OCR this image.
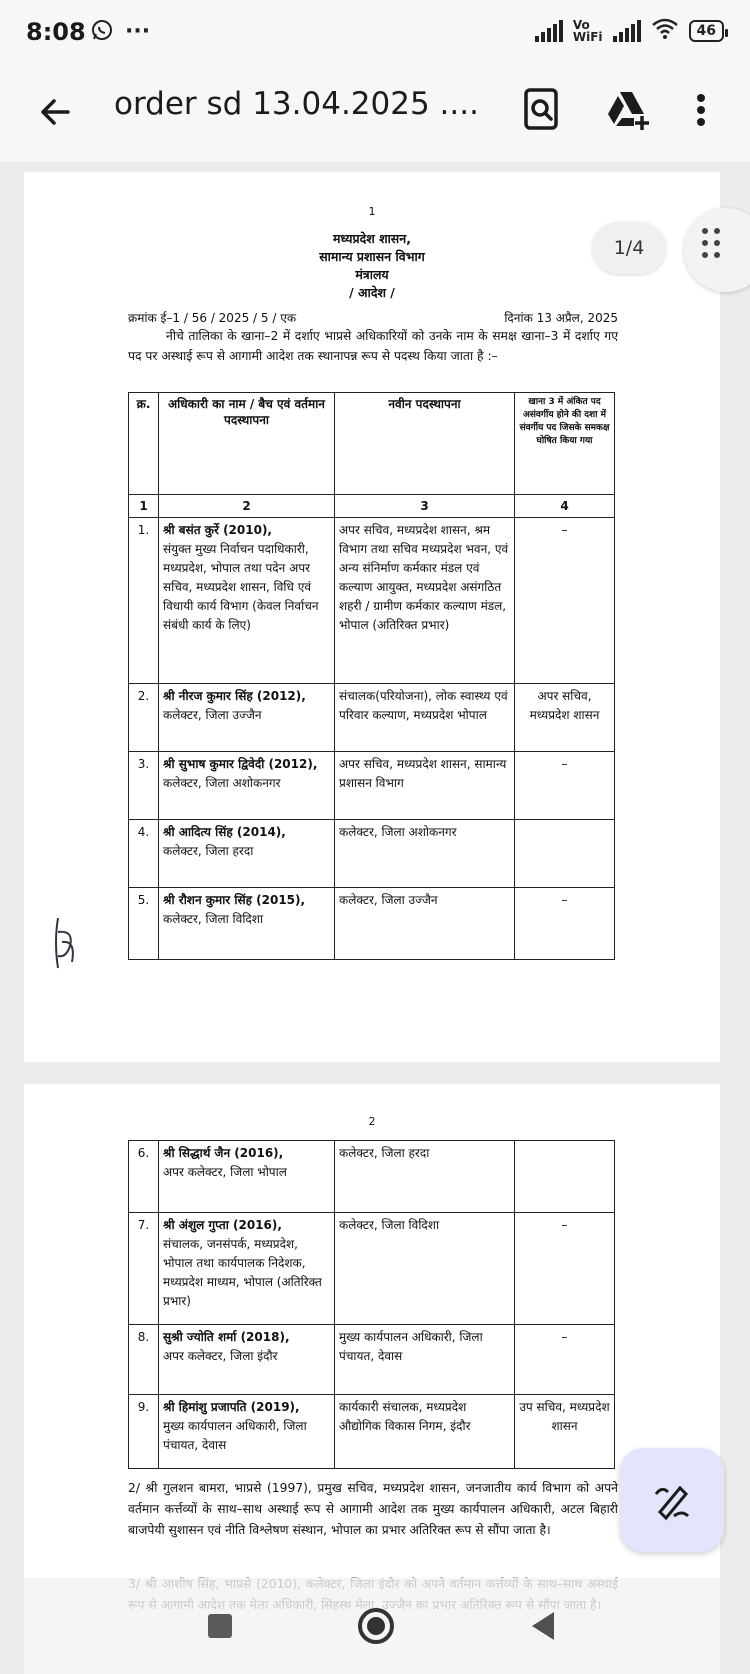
8:08	···	Vo
WiFi	46
order sd 13.04.2025 ....
1
मध्यप्रदेश शासन,
सामान्य प्रशासन विभाग
मंत्रालय
/ आदेश /
क्रमांक ई–1 / 56 / 2025 / 5 / एक	दिनांक 13 अप्रैल, 2025
नीचे तालिका के खाना–2 में दर्शाए भाप्रसे अधिकारियों को उनके नाम के समक्ष खाना–3 में दर्शाए गए पद पर अस्थाई रूप से आगामी आदेश तक स्थानापन्न रूप से पदस्थ किया जाता है :–
क्र.	अधिकारी का नाम / बैच एवं वर्तमान पदस्थापना	नवीन पदस्थापना	खाना 3 में अंकित पद असंवर्गीय होने की दशा में संवर्गीय पद जिसके समकक्ष घोषित किया गया
1	2	3	4
1.	श्री बसंत कुर्रे (2010),
संयुक्त मुख्य निर्वाचन पदाधिकारी, मध्यप्रदेश, भोपाल तथा पदेन अपर सचिव, मध्यप्रदेश शासन, विधि एवं विधायी कार्य विभाग (केवल निर्वाचन संबंधी कार्य के लिए)	अपर सचिव, मध्यप्रदेश शासन, श्रम विभाग तथा सचिव मध्यप्रदेश भवन, एवं अन्य संनिर्माण कर्मकार मंडल एवं कल्याण आयुक्त, मध्यप्रदेश असंगठित शहरी / ग्रामीण कर्मकार कल्याण मंडल, भोपाल (अतिरिक्त प्रभार)	–
2.	श्री नीरज कुमार सिंह (2012),
कलेक्टर, जिला उज्जैन	संचालक(परियोजना), लोक स्वास्थ्य एवं परिवार कल्याण, मध्यप्रदेश भोपाल	अपर सचिव, मध्यप्रदेश शासन
3.	श्री सुभाष कुमार द्विवेदी (2012),
कलेक्टर, जिला अशोकनगर	अपर सचिव, मध्यप्रदेश शासन, सामान्य प्रशासन विभाग	–
4.	श्री आदित्य सिंह (2014),
कलेक्टर, जिला हरदा	कलेक्टर, जिला अशोकनगर	
5.	श्री रौशन कुमार सिंह (2015),
कलेक्टर, जिला विदिशा	कलेक्टर, जिला उज्जैन	–
2
6.	श्री सिद्धार्थ जैन (2016),
अपर कलेक्टर, जिला भोपाल	कलेक्टर, जिला हरदा	
7.	श्री अंशुल गुप्ता (2016),
संचालक, जनसंपर्क, मध्यप्रदेश, भोपाल तथा कार्यपालक निदेशक, मध्यप्रदेश माध्यम, भोपाल (अतिरिक्त प्रभार)	कलेक्टर, जिला विदिशा	–
8.	सुश्री ज्योति शर्मा (2018),
अपर कलेक्टर, जिला इंदौर	मुख्य कार्यपालन अधिकारी, जिला पंचायत, देवास	–
9.	श्री हिमांशु प्रजापति (2019),
मुख्य कार्यपालन अधिकारी, जिला पंचायत, देवास	कार्यकारी संचालक, मध्यप्रदेश औद्योगिक विकास निगम, इंदौर	उप सचिव, मध्यप्रदेश शासन
2/ श्री गुलशन बामरा, भाप्रसे (1997), प्रमुख सचिव, मध्यप्रदेश शासन, जनजातीय कार्य विभाग को अपने वर्तमान कर्त्तव्यों के साथ–साथ अस्थाई रूप से आगामी आदेश तक मुख्य कार्यपालन अधिकारी, अटल बिहारी बाजपेयी सुशासन एवं नीति विश्लेषण संस्थान, भोपाल का प्रभार अतिरिक्त रूप से सौंपा जाता है।
1/4
